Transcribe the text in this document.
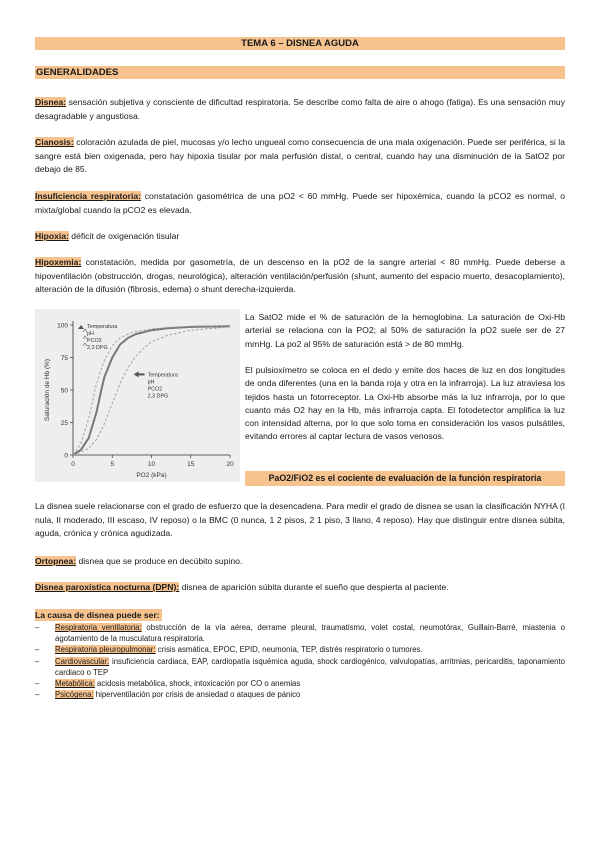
TEMA 6 – DISNEA AGUDA
GENERALIDADES
Disnea: sensación subjetiva y consciente de dificultad respiratoria. Se describe como falta de aire o ahogo (fatiga). Es una sensación muy desagradable y angustiosa.
Cianosis: coloración azulada de piel, mucosas y/o lecho ungueal como consecuencia de una mala oxigenación. Puede ser periférica, si la sangre está bien oxigenada, pero hay hipoxia tisular por mala perfusión distal, o central, cuando hay una disminución de la SatO2 por debajo de 85.
Insuficiencia respiratoria: constatación gasométrica de una pO2 < 60 mmHg. Puede ser hipoxémica, cuando la pCO2 es normal, o mixta/global cuando la pCO2 es elevada.
Hipoxia: déficit de oxigenación tisular
Hipoxemia: constatación, medida por gasometría, de un descenso en la pO2 de la sangre arterial < 80 mmHg. Puede deberse a hipoventilación (obstrucción, drogas, neurológica), alteración ventilación/perfusión (shunt, aumento del espacio muerto, desacoplamiento), alteración de la difusión (fibrosis, edema) o shunt derecha-izquierda.
0	5	10	15	20
0
25
50
75
100
PO2 (kPa)
Saturación de Hb (%)
Temperatura
pH
PCO2
2,3 DPG
Temperatura
pH
PCO2
2,3 DPG
La SatO2 mide el % de saturación de la hemoglobina. La saturación de Oxi-Hb arterial se relaciona con la PO2; al 50% de saturación la pO2 suele ser de 27 mmHg. La po2 al 95% de saturación está > de 80 mmHg.
El pulsioxímetro se coloca en el dedo y emite dos haces de luz en dos longitudes de onda diferentes (una en la banda roja y otra en la infrarroja). La luz atraviesa los tejidos hasta un fotorreceptor. La Oxi-Hb absorbe más la luz infrarroja, por lo que cuanto más O2 hay en la Hb, más infrarroja capta. El fotodetector amplifica la luz con intensidad alterna, por lo que solo toma en consideración los vasos pulsátiles, evitando errores al captar lectura de vasos venosos.
PaO2/FiO2 es el cociente de evaluación de la función respiratoria
La disnea suele relacionarse con el grado de esfuerzo que la desencadena. Para medir el grado de disnea se usan la clasificación NYHA (I nula, II moderado, III escaso, IV reposo) o la BMC (0 nunca, 1 2 pisos, 2 1 piso, 3 llano, 4 reposo). Hay que distinguir entre disnea súbita, aguda, crónica y crónica agudizada.
Ortopnea: disnea que se produce en decúbito supino.
Disnea paroxística nocturna (DPN): disnea de aparición súbita durante el sueño que despierta al paciente.
La causa de disnea puede ser:
– Respiratoria ventilatoria: obstrucción de la vía aérea, derrame pleural, traumatismo, volet costal, neumotórax, Guillain-Barré, miastenia o agotamiento de la musculatura respiratoria.
– Respiratoria pleuropulmonar: crisis asmática, EPOC, EPID, neumonía, TEP, distrés respiratorio o tumores.
– Cardiovascular: insuficiencia cardiaca, EAP, cardiopatía isquémica aguda, shock cardiogénico, valvulopatías, arritmias, pericarditis, taponamiento cardiaco o TEP
– Metabólica: acidosis metabólica, shock, intoxicación por CO o anemias
– Psicógena: hiperventilación por crisis de ansiedad o ataques de pánico
